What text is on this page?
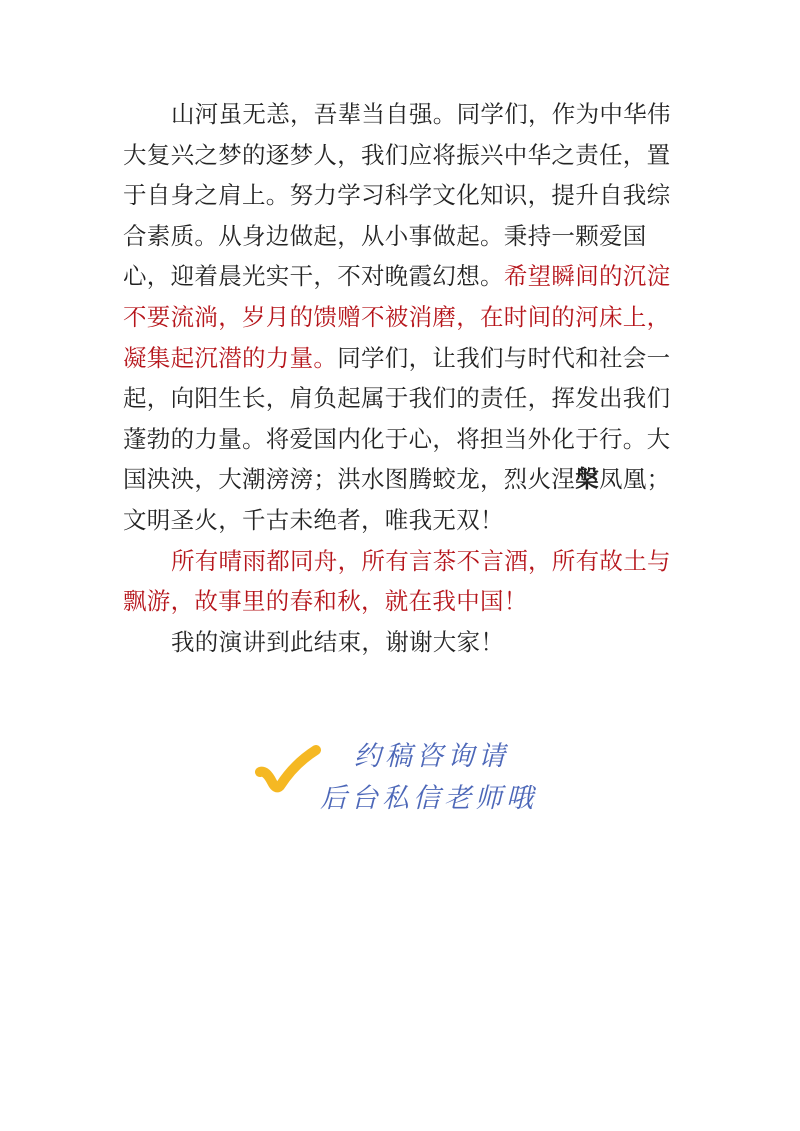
山河虽无恙，吾辈当自强。同学们，作为中华伟大复兴之梦的逐梦人，我们应将振兴中华之责任，置于自身之肩上。努力学习科学文化知识，提升自我综合素质。从身边做起，从小事做起。秉持一颗爱国心，迎着晨光实干，不对晚霞幻想。希望瞬间的沉淀不要流淌，岁月的馈赠不被消磨，在时间的河床上，凝集起沉潜的力量。同学们，让我们与时代和社会一起，向阳生长，肩负起属于我们的责任，挥发出我们蓬勃的力量。将爱国内化于心，将担当外化于行。大国泱泱，大潮滂滂；洪水图腾蛟龙，烈火涅槃凤凰；文明圣火，千古未绝者，唯我无双！

所有晴雨都同舟，所有言茶不言酒，所有故土与飘游，故事里的春和秋，就在我中国！

我的演讲到此结束，谢谢大家！

约稿咨询请
后台私信老师哦
